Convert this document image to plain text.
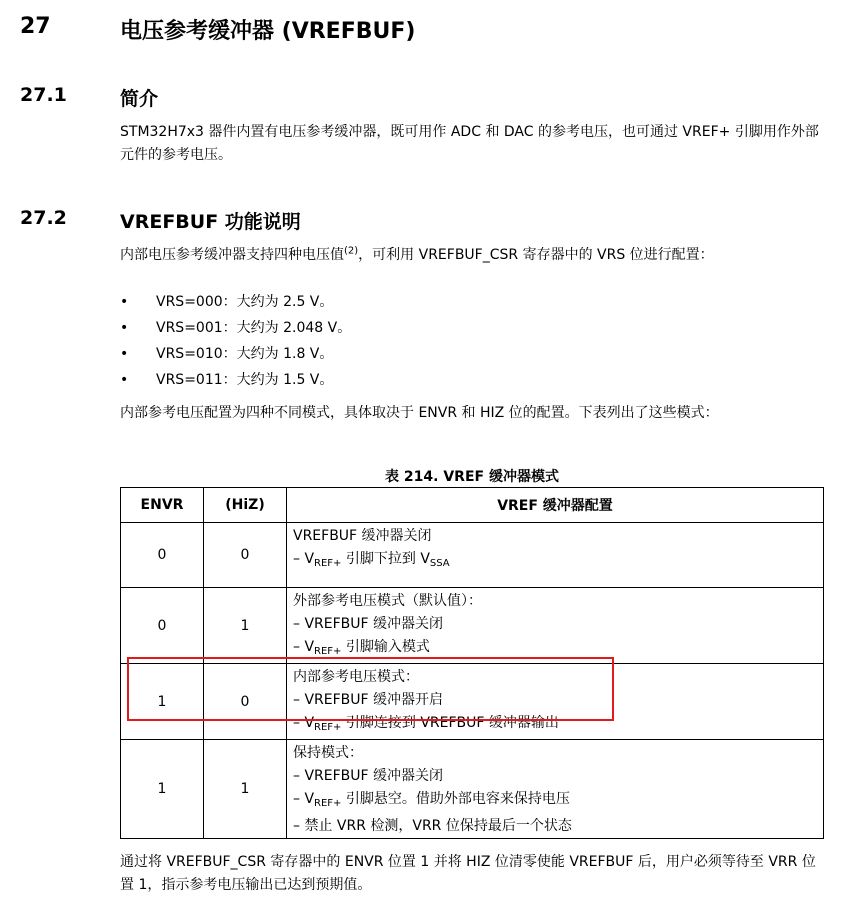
27	电压参考缓冲器 (VREFBUF)
27.1	简介
STM32H7x3 器件内置有电压参考缓冲器，既可用作 ADC 和 DAC 的参考电压，也可通过 VREF+ 引脚用作外部元件的参考电压。
27.2	VREFBUF 功能说明
内部电压参考缓冲器支持四种电压值$^{(2)}$，可利用 VREFBUF_CSR 寄存器中的 VRS 位进行配置：
• VRS=000：大约为 2.5 V。
• VRS=001：大约为 2.048 V。
• VRS=010：大约为 1.8 V。
• VRS=011：大约为 1.5 V。
内部参考电压配置为四种不同模式，具体取决于 ENVR 和 HIZ 位的配置。下表列出了这些模式：
表 214. VREF 缓冲器模式
ENVR	(HiZ)	VREF 缓冲器配置
0	0	VREFBUF 缓冲器关闭
– $V_{REF+}$ 引脚下拉到 $V_{SSA}$

0	1	外部参考电压模式（默认值）：
– VREFBUF 缓冲器关闭
– $V_{REF+}$ 引脚输入模式

1	0	内部参考电压模式：
– VREFBUF 缓冲器开启
– $V_{REF+}$ 引脚连接到 VREFBUF 缓冲器输出

1	1	保持模式：
– VREFBUF 缓冲器关闭
– $V_{REF+}$ 引脚悬空。借助外部电容来保持电压
– 禁止 VRR 检测，VRR 位保持最后一个状态
通过将 VREFBUF_CSR 寄存器中的 ENVR 位置 1 并将 HIZ 位清零使能 VREFBUF 后，用户必须等待至 VRR 位置 1，指示参考电压输出已达到预期值。
